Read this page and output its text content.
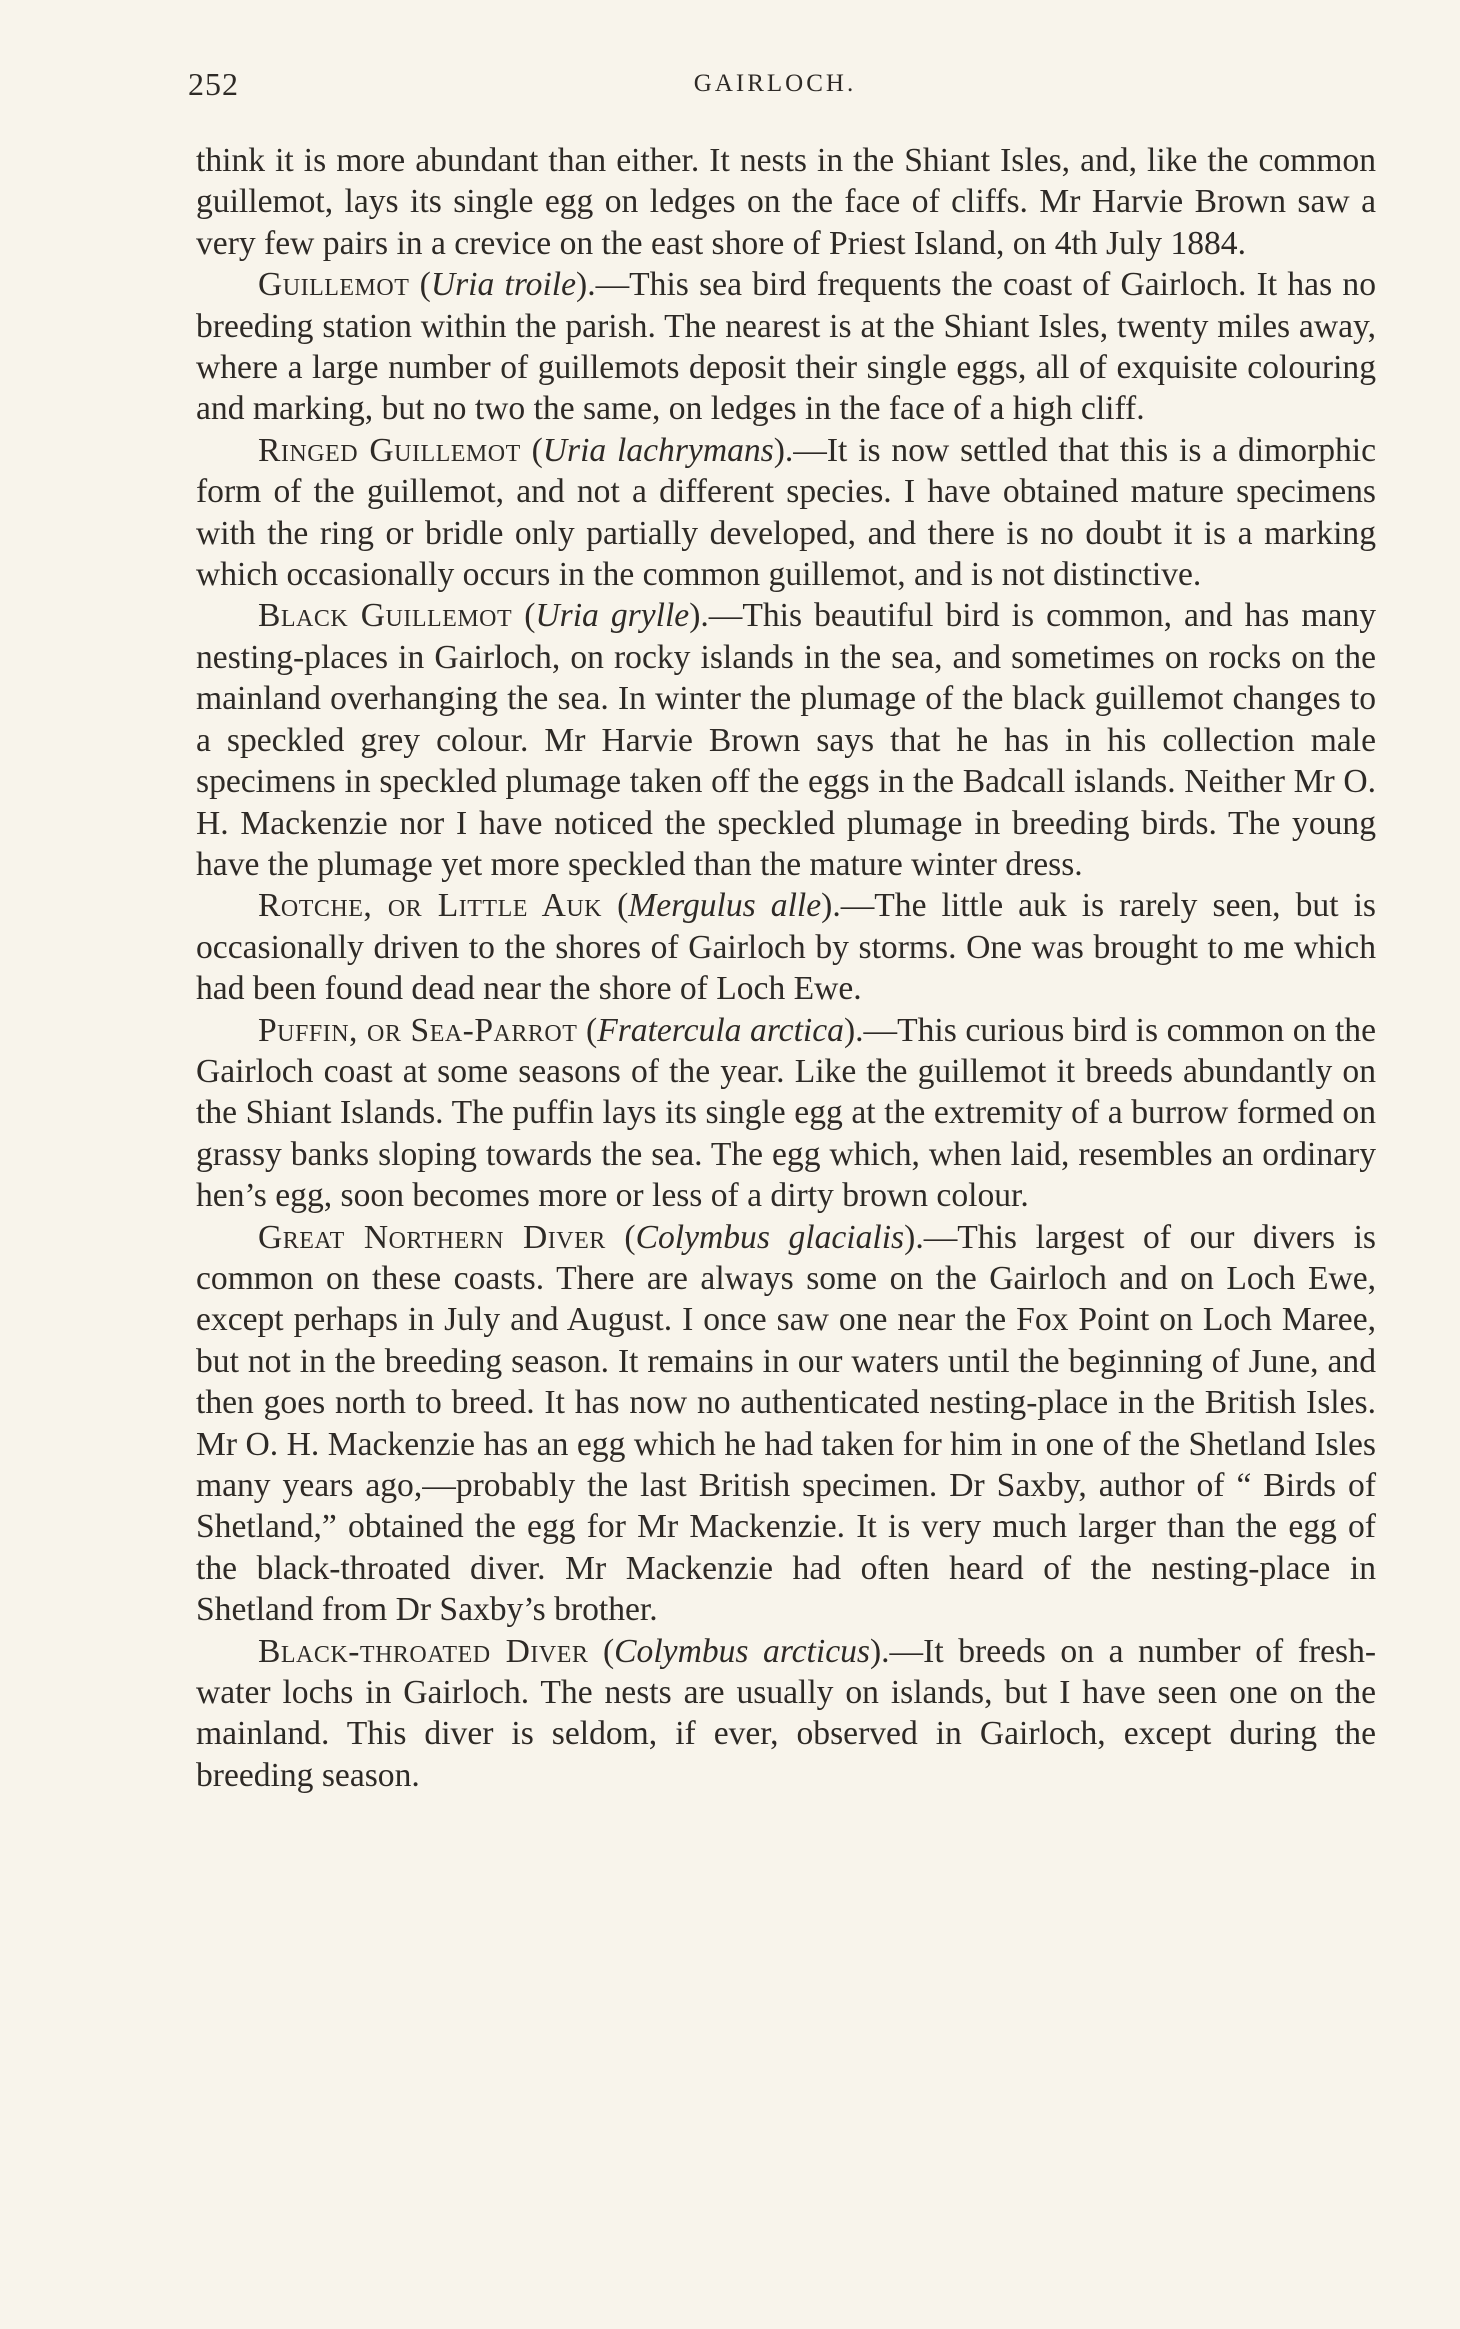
252	GAIRLOCH.

think it is more abundant than either. It nests in the Shiant Isles, and, like the common guillemot, lays its single egg on ledges on the face of cliffs. Mr Harvie Brown saw a very few pairs in a crevice on the east shore of Priest Island, on 4th July 1884.

Guillemot (Uria troile).—This sea bird frequents the coast of Gairloch. It has no breeding station within the parish. The nearest is at the Shiant Isles, twenty miles away, where a large number of guillemots deposit their single eggs, all of exquisite colouring and marking, but no two the same, on ledges in the face of a high cliff.

Ringed Guillemot (Uria lachrymans).—It is now settled that this is a dimorphic form of the guillemot, and not a different species. I have obtained mature specimens with the ring or bridle only partially developed, and there is no doubt it is a marking which occasionally occurs in the common guillemot, and is not distinctive.

Black Guillemot (Uria grylle).—This beautiful bird is common, and has many nesting-places in Gairloch, on rocky islands in the sea, and sometimes on rocks on the mainland overhanging the sea. In winter the plumage of the black guillemot changes to a speckled grey colour. Mr Harvie Brown says that he has in his collection male specimens in speckled plumage taken off the eggs in the Badcall islands. Neither Mr O. H. Mackenzie nor I have noticed the speckled plumage in breeding birds. The young have the plumage yet more speckled than the mature winter dress.

Rotche, or Little Auk (Mergulus alle).—The little auk is rarely seen, but is occasionally driven to the shores of Gairloch by storms. One was brought to me which had been found dead near the shore of Loch Ewe.

Puffin, or Sea-Parrot (Fratercula arctica).—This curious bird is common on the Gairloch coast at some seasons of the year. Like the guillemot it breeds abundantly on the Shiant Islands. The puffin lays its single egg at the extremity of a burrow formed on grassy banks sloping towards the sea. The egg which, when laid, resembles an ordinary hen’s egg, soon becomes more or less of a dirty brown colour.

Great Northern Diver (Colymbus glacialis).—This largest of our divers is common on these coasts. There are always some on the Gairloch and on Loch Ewe, except perhaps in July and August. I once saw one near the Fox Point on Loch Maree, but not in the breeding season. It remains in our waters until the beginning of June, and then goes north to breed. It has now no authenticated nesting-place in the British Isles. Mr O. H. Mackenzie has an egg which he had taken for him in one of the Shetland Isles many years ago,—probably the last British specimen. Dr Saxby, author of “ Birds of Shetland,” obtained the egg for Mr Mackenzie. It is very much larger than the egg of the black-throated diver. Mr Mackenzie had often heard of the nesting-place in Shetland from Dr Saxby’s brother.

Black-throated Diver (Colymbus arcticus).—It breeds on a number of fresh-water lochs in Gairloch. The nests are usually on islands, but I have seen one on the mainland. This diver is seldom, if ever, observed in Gairloch, except during the breeding season.
